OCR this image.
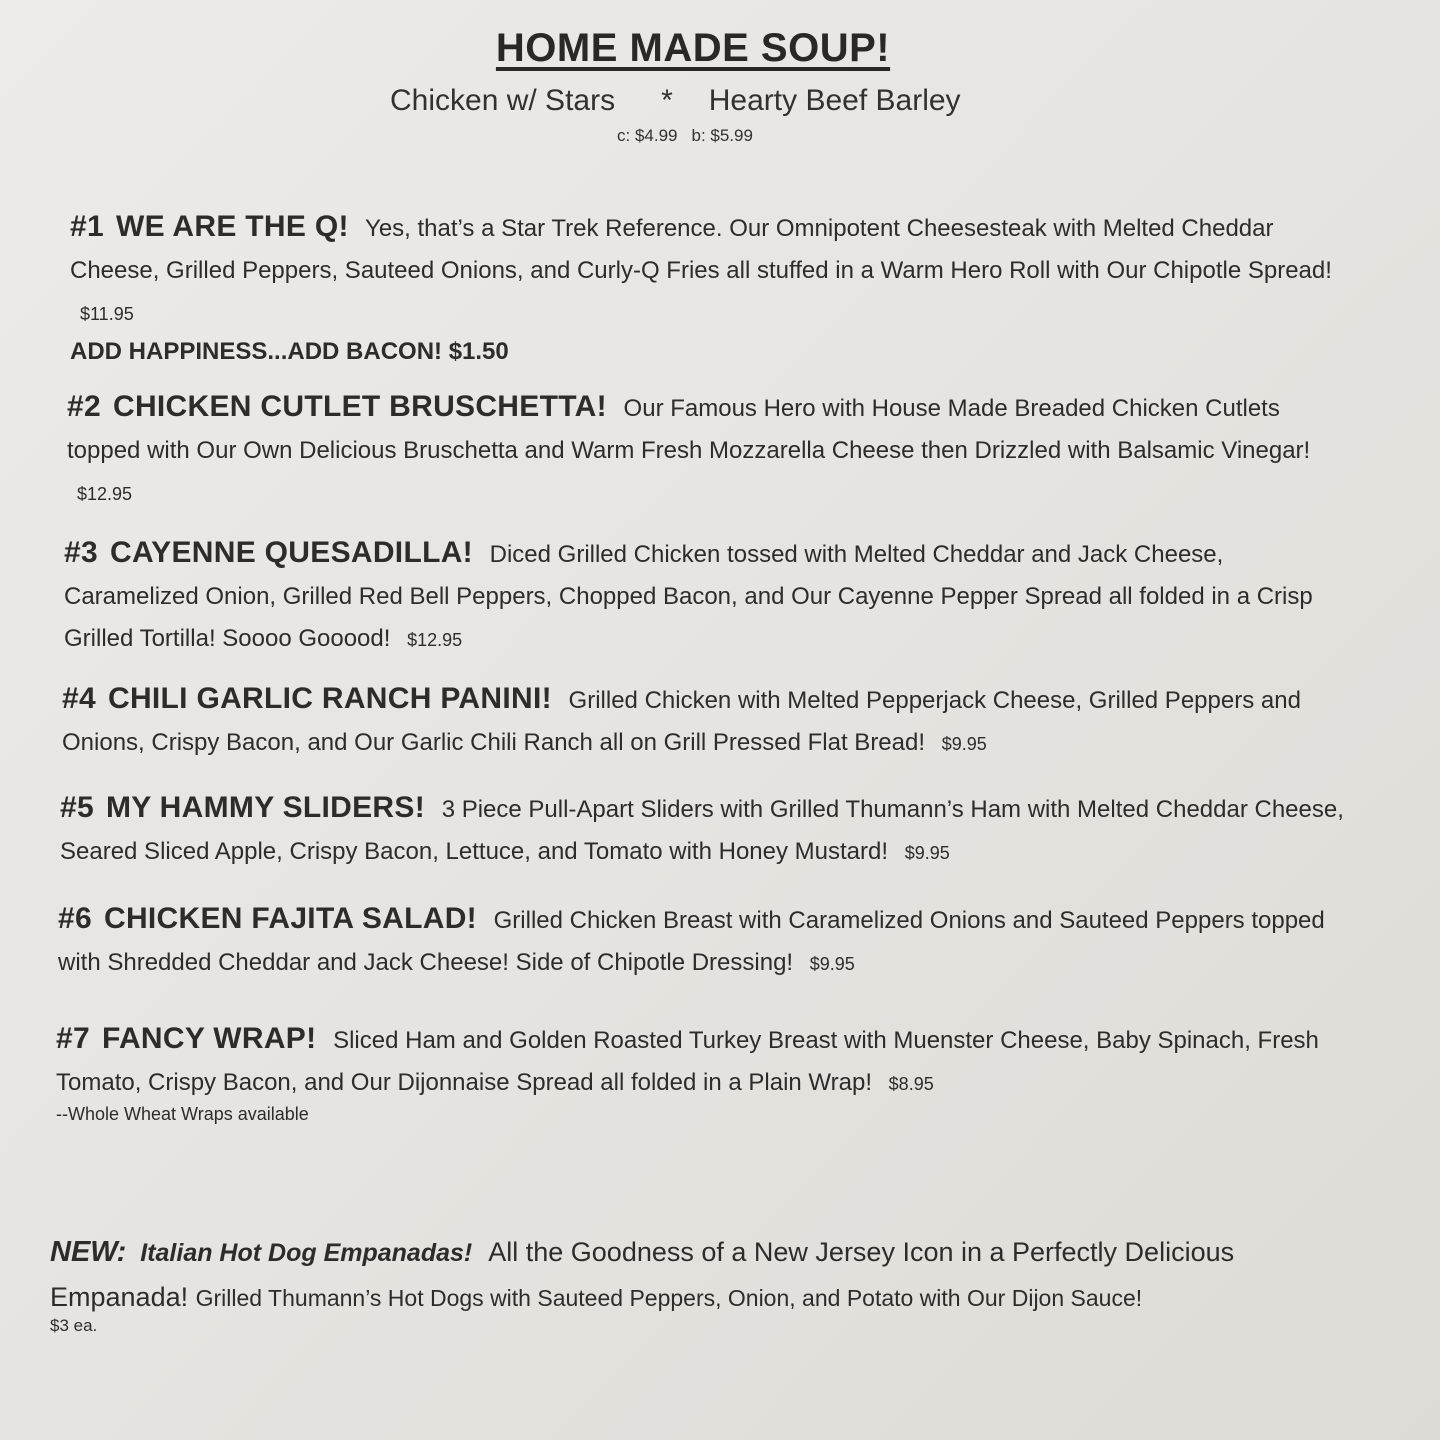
HOME MADE SOUP!
Chicken w/ Stars * Hearty Beef Barley
c: $4.99 b: $5.99
#1 WE ARE THE Q! Yes, that’s a Star Trek Reference. Our Omnipotent Cheesesteak with Melted Cheddar Cheese, Grilled Peppers, Sauteed Onions, and Curly-Q Fries all stuffed in a Warm Hero Roll with Our Chipotle Spread! $11.95
ADD HAPPINESS...ADD BACON! $1.50
#2 CHICKEN CUTLET BRUSCHETTA! Our Famous Hero with House Made Breaded Chicken Cutlets topped with Our Own Delicious Bruschetta and Warm Fresh Mozzarella Cheese then Drizzled with Balsamic Vinegar! $12.95
#3 CAYENNE QUESADILLA! Diced Grilled Chicken tossed with Melted Cheddar and Jack Cheese, Caramelized Onion, Grilled Red Bell Peppers, Chopped Bacon, and Our Cayenne Pepper Spread all folded in a Crisp Grilled Tortilla! Soooo Gooood! $12.95
#4 CHILI GARLIC RANCH PANINI! Grilled Chicken with Melted Pepperjack Cheese, Grilled Peppers and Onions, Crispy Bacon, and Our Garlic Chili Ranch all on Grill Pressed Flat Bread! $9.95
#5 MY HAMMY SLIDERS! 3 Piece Pull-Apart Sliders with Grilled Thumann’s Ham with Melted Cheddar Cheese, Seared Sliced Apple, Crispy Bacon, Lettuce, and Tomato with Honey Mustard! $9.95
#6 CHICKEN FAJITA SALAD! Grilled Chicken Breast with Caramelized Onions and Sauteed Peppers topped with Shredded Cheddar and Jack Cheese! Side of Chipotle Dressing! $9.95
#7 FANCY WRAP! Sliced Ham and Golden Roasted Turkey Breast with Muenster Cheese, Baby Spinach, Fresh Tomato, Crispy Bacon, and Our Dijonnaise Spread all folded in a Plain Wrap! $8.95
--Whole Wheat Wraps available
NEW: Italian Hot Dog Empanadas! All the Goodness of a New Jersey Icon in a Perfectly Delicious Empanada! Grilled Thumann’s Hot Dogs with Sauteed Peppers, Onion, and Potato with Our Dijon Sauce!
$3 ea.
